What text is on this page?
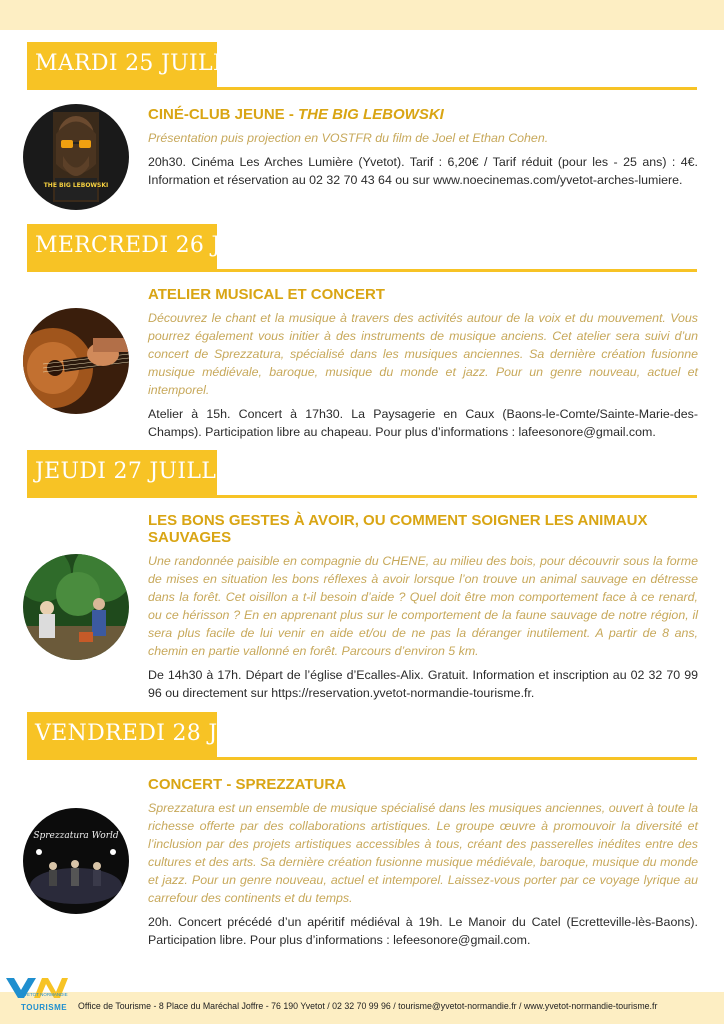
MARDI 25 JUILLET
THE BIG LEBOWSKI
CINÉ-CLUB JEUNE - THE BIG LEBOWSKI

Présentation puis projection en VOSTFR du film de Joel et Ethan Cohen.

20h30. Cinéma Les Arches Lumière (Yvetot). Tarif : 6,20€ / Tarif réduit (pour les - 25 ans) : 4€. Information et réservation au 02 32 70 43 64 ou sur www.noecinemas.com/yvetot-arches-lumiere.

MERCREDI 26 JUILLET
ATELIER MUSICAL ET CONCERT

Découvrez le chant et la musique à travers des activités autour de la voix et du mouvement. Vous pourrez également vous initier à des instruments de musique anciens. Cet atelier sera suivi d’un concert de Sprezzatura, spécialisé dans les musiques anciennes. Sa dernière création fusionne musique médiévale, baroque, musique du monde et jazz. Pour un genre nouveau, actuel et intemporel.

Atelier à 15h. Concert à 17h30. La Paysagerie en Caux (Baons-le-Comte/Sainte-Marie-des-Champs). Participation libre au chapeau. Pour plus d’informations : lafeesonore@gmail.com.

JEUDI 27 JUILLET
LES BONS GESTES À AVOIR, OU COMMENT SOIGNER LES ANIMAUX SAUVAGES

Une randonnée paisible en compagnie du CHENE, au milieu des bois, pour découvrir sous la forme de mises en situation les bons réflexes à avoir lorsque l’on trouve un animal sauvage en détresse dans la forêt. Cet oisillon a t-il besoin d’aide ? Quel doit être mon comportement face à ce renard, ou ce hérisson ? En en apprenant plus sur le comportement de la faune sauvage de notre région, il sera plus facile de lui venir en aide et/ou de ne pas la déranger inutilement. A partir de 8 ans, chemin en partie vallonné en forêt. Parcours d’environ 5 km.

De 14h30 à 17h. Départ de l’église d’Ecalles-Alix. Gratuit. Information et inscription au 02 32 70 99 96 ou directement sur https://reservation.yvetot-normandie-tourisme.fr.

VENDREDI 28 JUILLET
Sprezzatura World
CONCERT - SPREZZATURA

Sprezzatura est un ensemble de musique spécialisé dans les musiques anciennes, ouvert à toute la richesse offerte par des collaborations artistiques. Le groupe œuvre à promouvoir la diversité et l’inclusion par des projets artistiques accessibles à tous, créant des passerelles inédites entre des cultures et des arts. Sa dernière création fusionne musique médiévale, baroque, musique du monde et jazz. Pour un genre nouveau, actuel et intemporel. Laissez-vous porter par ce voyage lyrique au carrefour des continents et du temps.

20h. Concert précédé d’un apéritif médiéval à 19h. Le Manoir du Catel (Ecretteville-lès-Baons). Participation libre. Pour plus d’informations : lefeesonore@gmail.com.

Office de Tourisme - 8 Place du Maréchal Joffre - 76 190 Yvetot / 02 32 70 99 96 / tourisme@yvetot-normandie.fr / www.yvetot-normandie-tourisme.fr
YVETOT NORMANDIE
TOURISME
